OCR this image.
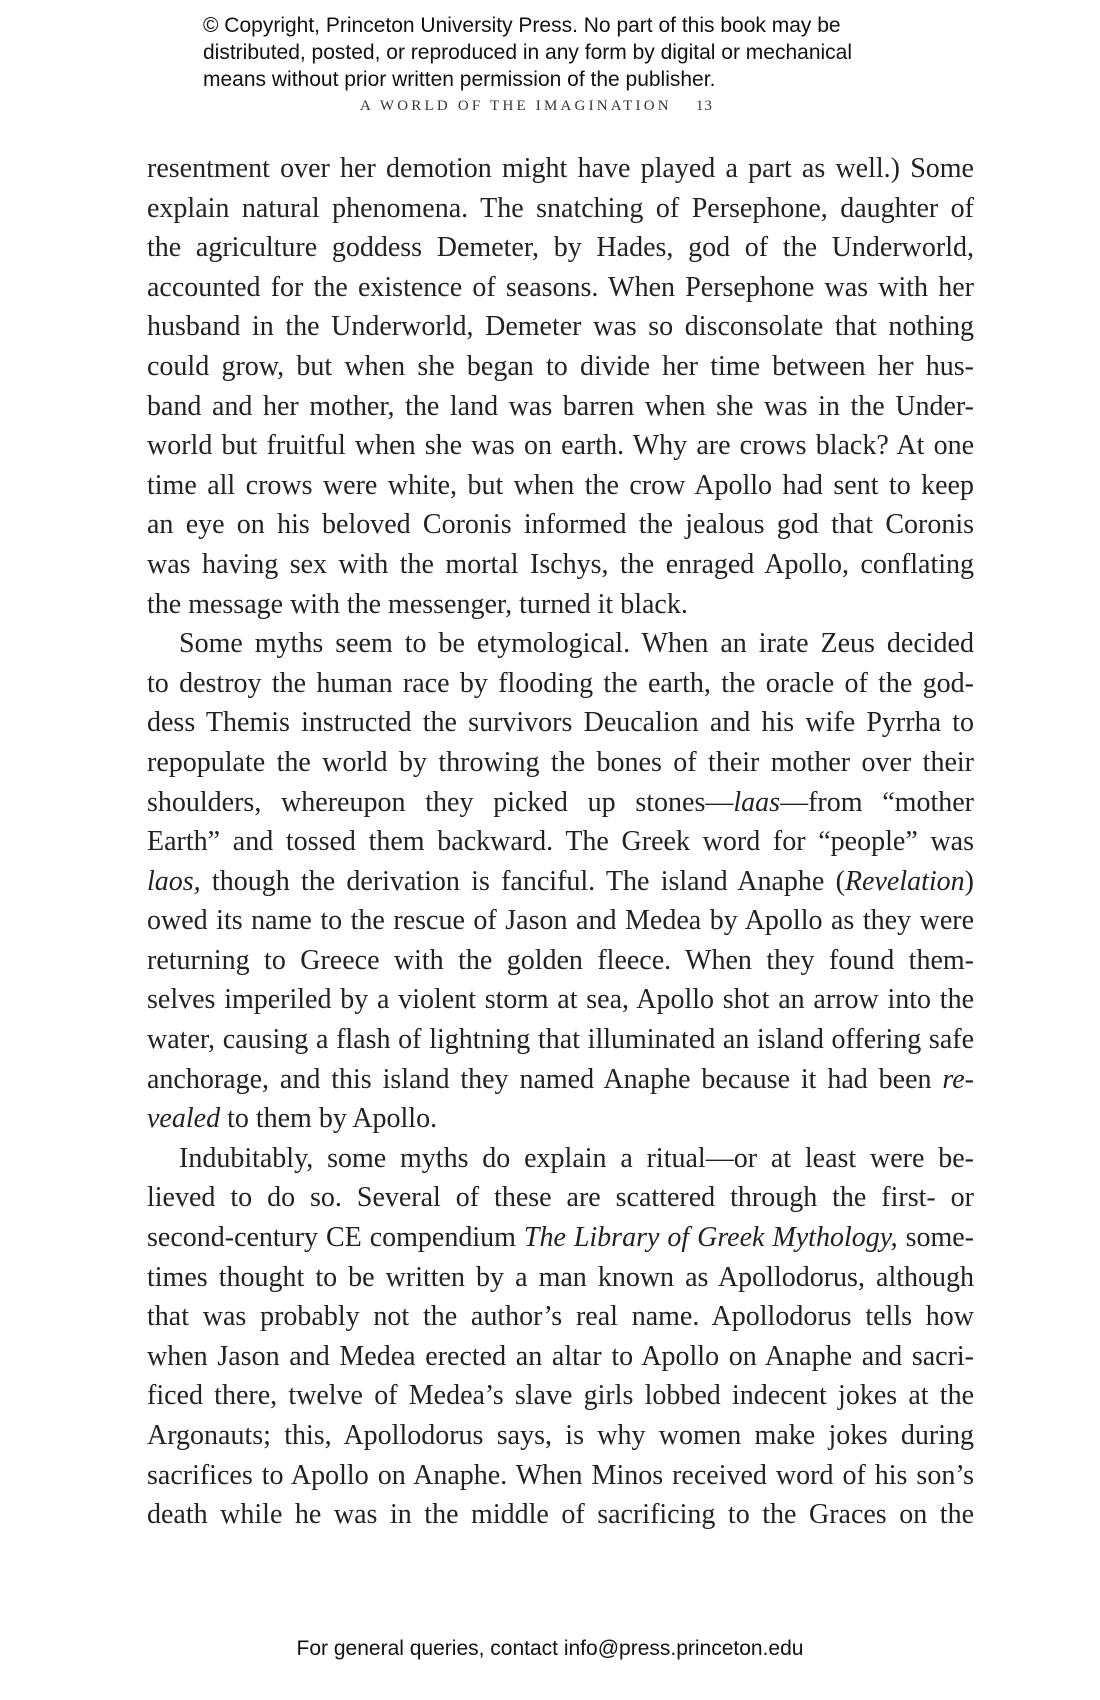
© Copyright, Princeton University Press. No part of this book may be
distributed, posted, or reproduced in any form by digital or mechanical
means without prior written permission of the publisher.
A WORLD OF THE IMAGINATION 13

resentment over her demotion might have played a part as well.) Some
explain natural phenomena. The snatching of Persephone, daughter of
the agriculture goddess Demeter, by Hades, god of the Underworld,
accounted for the existence of seasons. When Persephone was with her
husband in the Underworld, Demeter was so disconsolate that nothing
could grow, but when she began to divide her time between her hus-
band and her mother, the land was barren when she was in the Under-
world but fruitful when she was on earth. Why are crows black? At one
time all crows were white, but when the crow Apollo had sent to keep
an eye on his beloved Coronis informed the jealous god that Coronis
was having sex with the mortal Ischys, the enraged Apollo, conflating
the message with the messenger, turned it black.

Some myths seem to be etymological. When an irate Zeus decided
to destroy the human race by flooding the earth, the oracle of the god-
dess Themis instructed the survivors Deucalion and his wife Pyrrha to
repopulate the world by throwing the bones of their mother over their
shoulders, whereupon they picked up stones—laas—from “mother
Earth” and tossed them backward. The Greek word for “people” was
laos, though the derivation is fanciful. The island Anaphe (Revelation)
owed its name to the rescue of Jason and Medea by Apollo as they were
returning to Greece with the golden fleece. When they found them-
selves imperiled by a violent storm at sea, Apollo shot an arrow into the
water, causing a flash of lightning that illuminated an island offering safe
anchorage, and this island they named Anaphe because it had been re-
vealed to them by Apollo.

Indubitably, some myths do explain a ritual—or at least were be-
lieved to do so. Several of these are scattered through the first- or
second-century CE compendium The Library of Greek Mythology, some-
times thought to be written by a man known as Apollodorus, although
that was probably not the author’s real name. Apollodorus tells how
when Jason and Medea erected an altar to Apollo on Anaphe and sacri-
ficed there, twelve of Medea’s slave girls lobbed indecent jokes at the
Argonauts; this, Apollodorus says, is why women make jokes during
sacrifices to Apollo on Anaphe. When Minos received word of his son’s
death while he was in the middle of sacrificing to the Graces on the

For general queries, contact info@press.princeton.edu
